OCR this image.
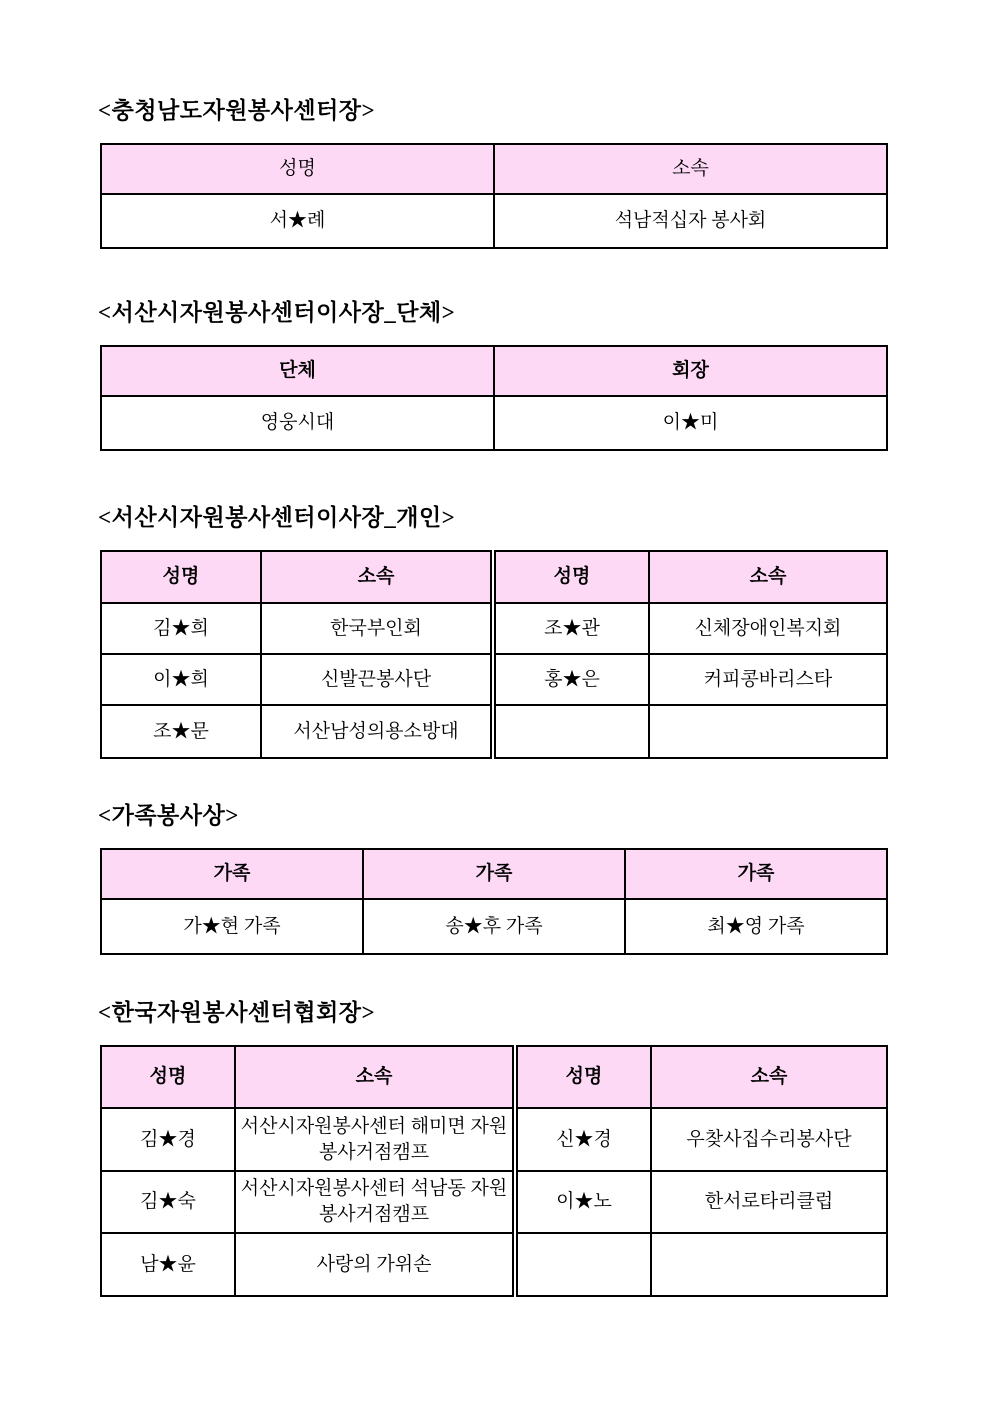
<충청남도자원봉사센터장>
성명	소속
서★례	석남적십자 봉사회
<서산시자원봉사센터이사장_단체>
단체	회장
영웅시대	이★미
<서산시자원봉사센터이사장_개인>
성명	소속	성명	소속
김★희	한국부인회	조★관	신체장애인복지회
이★희	신발끈봉사단	홍★은	커피콩바리스타
조★문	서산남성의용소방대		
<가족봉사상>
가족	가족	가족
가★현 가족	송★후 가족	최★영 가족
<한국자원봉사센터협회장>
성명	소속	성명	소속
김★경	서산시자원봉사센터 해미면 자원봉사거점캠프	신★경	우찾사집수리봉사단
김★숙	서산시자원봉사센터 석남동 자원봉사거점캠프	이★노	한서로타리클럽
남★윤	사랑의 가위손		
